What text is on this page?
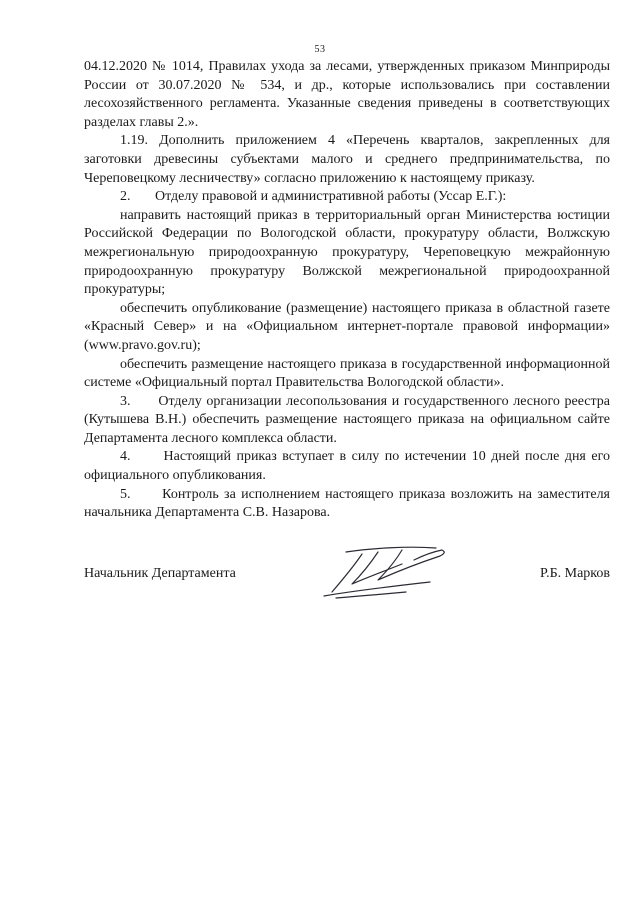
53

04.12.2020 № 1014, Правилах ухода за лесами, утвержденных приказом Минприроды России от 30.07.2020 № 534, и др., которые использовались при составлении лесохозяйственного регламента. Указанные сведения приведены в соответствующих разделах главы 2.».

1.19. Дополнить приложением 4 «Перечень кварталов, закрепленных для заготовки древесины субъектами малого и среднего предпринимательства, по Череповецкому лесничеству» согласно приложению к настоящему приказу.

2.       Отделу правовой и административной работы (Уссар Е.Г.):

направить настоящий приказ в территориальный орган Министерства юстиции Российской Федерации по Вологодской области, прокуратуру области, Волжскую межрегиональную природоохранную прокуратуру, Череповецкую межрайонную природоохранную прокуратуру Волжской межрегиональной природоохранной прокуратуры;

обеспечить опубликование (размещение) настоящего приказа в областной газете «Красный Север» и на «Официальном интернет-портале правовой информации» (www.pravo.gov.ru);

обеспечить размещение настоящего приказа в государственной информационной системе «Официальный портал Правительства Вологодской области».

3.      Отделу организации лесопользования и государственного лесного реестра (Кутышева В.Н.) обеспечить размещение настоящего приказа на официальном сайте Департамента лесного комплекса области.

4.      Настоящий приказ вступает в силу по истечении 10 дней после дня его официального опубликования.

5.      Контроль за исполнением настоящего приказа возложить на заместителя начальника Департамента С.В. Назарова.

Начальник Департамента	Р.Б. Марков
